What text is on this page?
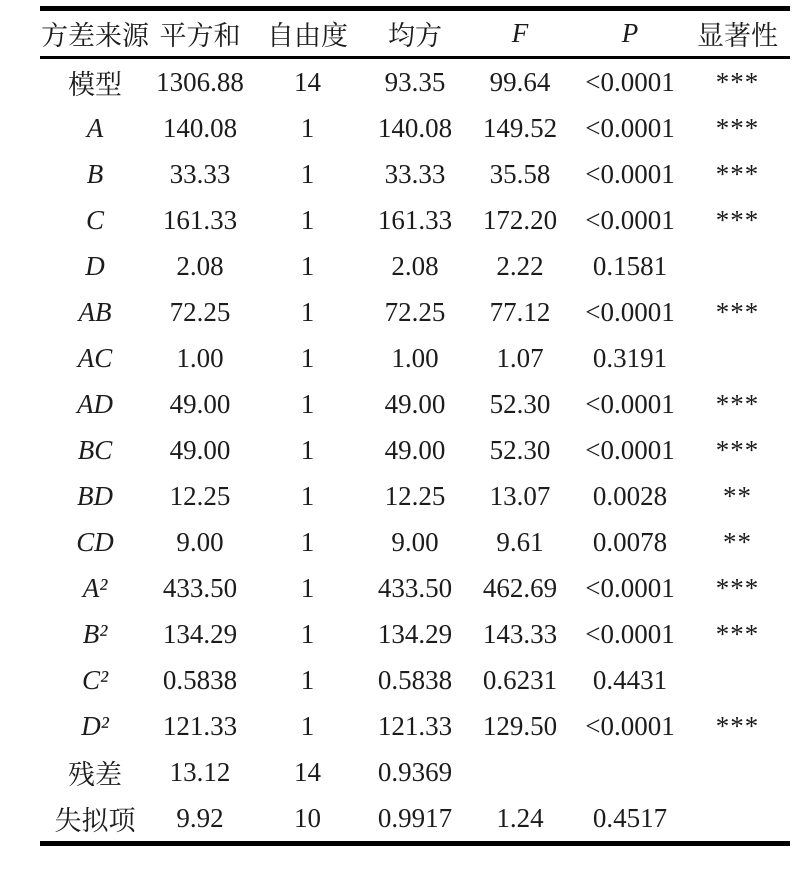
方差来源	平方和	自由度	均方	F	P	显著性
模型	1306.88	14	93.35	99.64	<0.0001	***
A	140.08	1	140.08	149.52	<0.0001	***
B	33.33	1	33.33	35.58	<0.0001	***
C	161.33	1	161.33	172.20	<0.0001	***
D	2.08	1	2.08	2.22	0.1581	
AB	72.25	1	72.25	77.12	<0.0001	***
AC	1.00	1	1.00	1.07	0.3191	
AD	49.00	1	49.00	52.30	<0.0001	***
BC	49.00	1	49.00	52.30	<0.0001	***
BD	12.25	1	12.25	13.07	0.0028	**
CD	9.00	1	9.00	9.61	0.0078	**
A²	433.50	1	433.50	462.69	<0.0001	***
B²	134.29	1	134.29	143.33	<0.0001	***
C²	0.5838	1	0.5838	0.6231	0.4431	
D²	121.33	1	121.33	129.50	<0.0001	***
残差	13.12	14	0.9369			
失拟项	9.92	10	0.9917	1.24	0.4517	
